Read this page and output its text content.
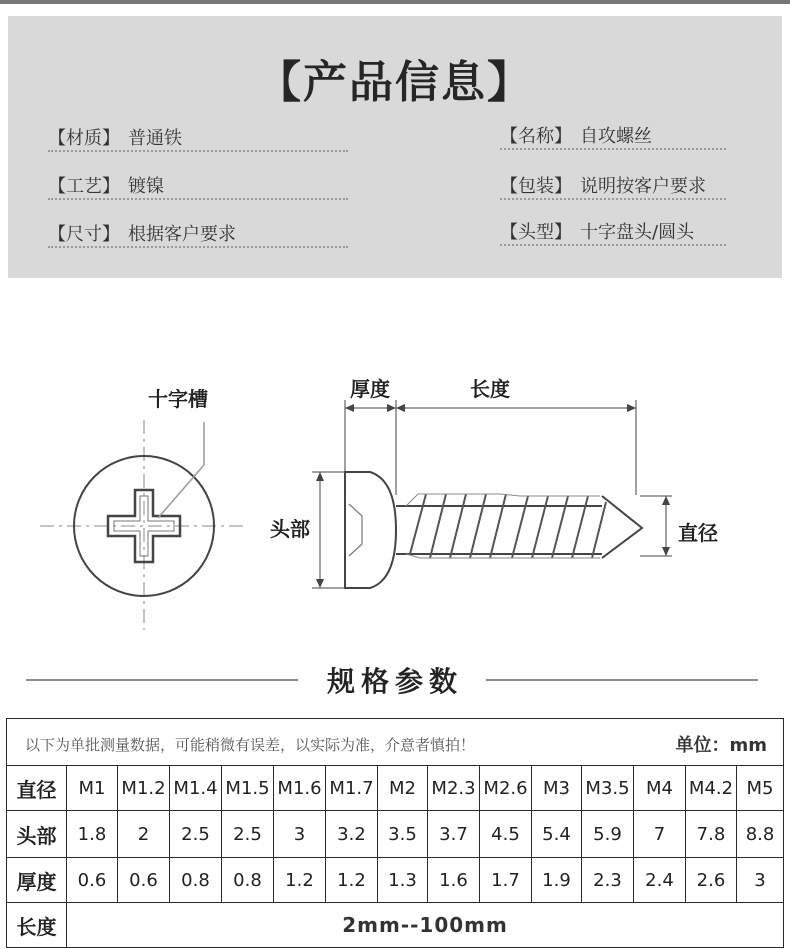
【产品信息】
【材质】 普通铁
【工艺】 镀镍
【尺寸】 根据客户要求
【名称】 自攻螺丝
【包装】 说明按客户要求
【头型】 十字盘头/圆头
十字槽	厚度	长度
头部	直径
规格参数
以下为单批测量数据，可能稍微有误差，以实际为准，介意者慎拍！ 单位：mm														

直径	M1	M1.2	M1.4	M1.5	M1.6	M1.7	M2	M2.3	M2.6	M3	M3.5	M4	M4.2	M5
头部	1.8	2	2.5	2.5	3	3.2	3.5	3.7	4.5	5.4	5.9	7	7.8	8.8
厚度	0.6	0.6	0.8	0.8	1.2	1.2	1.3	1.6	1.7	1.9	2.3	2.4	2.6	3
长度	2mm--100mm													
